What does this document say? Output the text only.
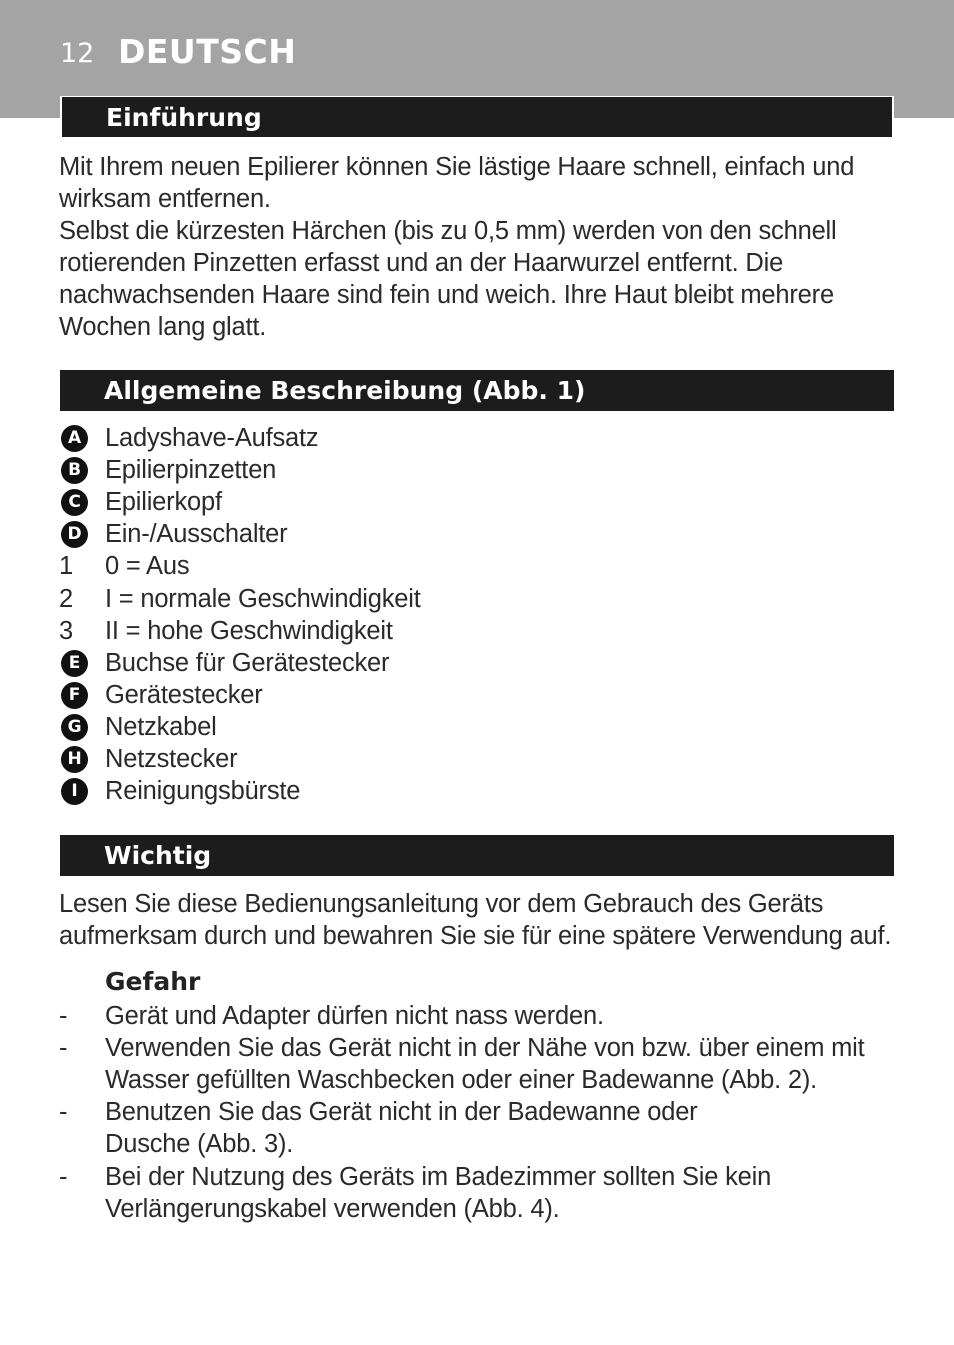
12 DEUTSCH
Einführung

Mit Ihrem neuen Epilierer können Sie lästige Haare schnell, einfach und wirksam entfernen.

Selbst die kürzesten Härchen (bis zu 0,5 mm) werden von den schnell rotierenden Pinzetten erfasst und an der Haarwurzel entfernt. Die nachwachsenden Haare sind fein und weich. Ihre Haut bleibt mehrere Wochen lang glatt.

Allgemeine Beschreibung (Abb. 1)
A Ladyshave-Aufsatz
B Epilierpinzetten
C Epilierkopf
D Ein-/Ausschalter
1 0 = Aus
2 I = normale Geschwindigkeit
3 II = hohe Geschwindigkeit
E Buchse für Gerätestecker
F Gerätestecker
G Netzkabel
H Netzstecker
I	Reinigungsbürste
Wichtig

Lesen Sie diese Bedienungsanleitung vor dem Gebrauch des Geräts aufmerksam durch und bewahren Sie sie für eine spätere Verwendung auf.

Gefahr
- Gerät und Adapter dürfen nicht nass werden.
- Verwenden Sie das Gerät nicht in der Nähe von bzw. über einem mit
Wasser gefüllten Waschbecken oder einer Badewanne (Abb. 2).
- Benutzen Sie das Gerät nicht in der Badewanne oder
Dusche (Abb. 3).
- Bei der Nutzung des Geräts im Badezimmer sollten Sie kein
Verlängerungskabel verwenden (Abb. 4).
